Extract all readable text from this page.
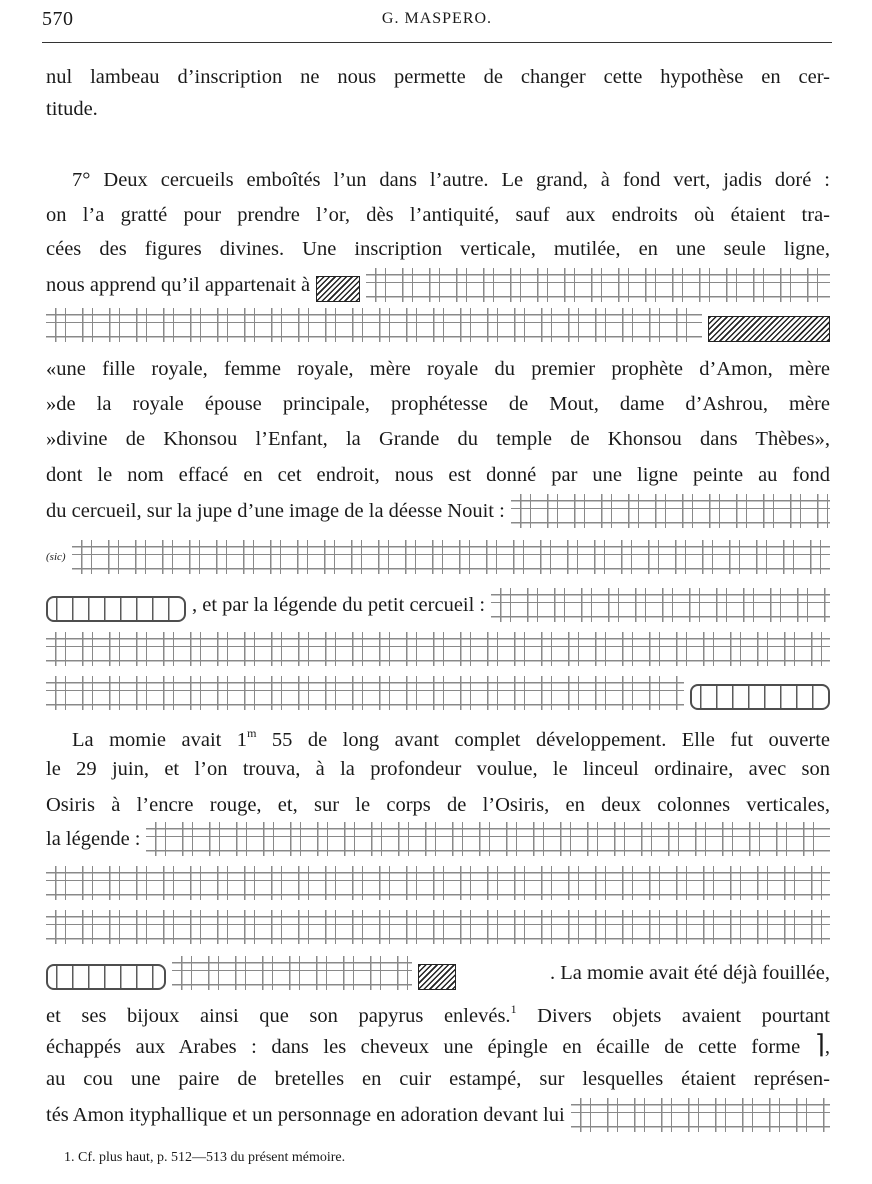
570	G. MASPERO.
nul lambeau d’inscription ne nous permette de changer cette hypothèse en cer-
titude.
7° Deux cercueils emboîtés l’un dans l’autre. Le grand, à fond vert, jadis doré :
on l’a gratté pour prendre l’or, dès l’antiquité, sauf aux endroits où étaient tra-
cées des figures divines. Une inscription verticale, mutilée, en une seule ligne,
nous apprend qu’il appartenait à
«une fille royale, femme royale, mère royale du premier prophète d’Amon, mère
»de la royale épouse principale, prophétesse de Mout, dame d’Ashrou, mère
»divine de Khonsou l’Enfant, la Grande du temple de Khonsou dans Thèbes»,
dont le nom effacé en cet endroit, nous est donné par une ligne peinte au fond
du cercueil, sur la jupe d’une image de la déesse Nouit :
(sic)
, et par la légende du petit cercueil :
La momie avait 1$^m$ 55 de long avant complet développement. Elle fut ouverte
le 29 juin, et l’on trouva, à la profondeur voulue, le linceul ordinaire, avec son
Osiris à l’encre rouge, et, sur le corps de l’Osiris, en deux colonnes verticales,
la légende :
. La momie avait été déjà fouillée,
et ses bijoux ainsi que son papyrus enlevés.$^1$ Divers objets avaient pourtant
échappés aux Arabes : dans les cheveux une épingle en écaille de cette forme ⌉,
au cou une paire de bretelles en cuir estampé, sur lesquelles étaient représen-
tés Amon ityphallique et un personnage en adoration devant lui
1. Cf. plus haut, p. 512—513 du présent mémoire.
